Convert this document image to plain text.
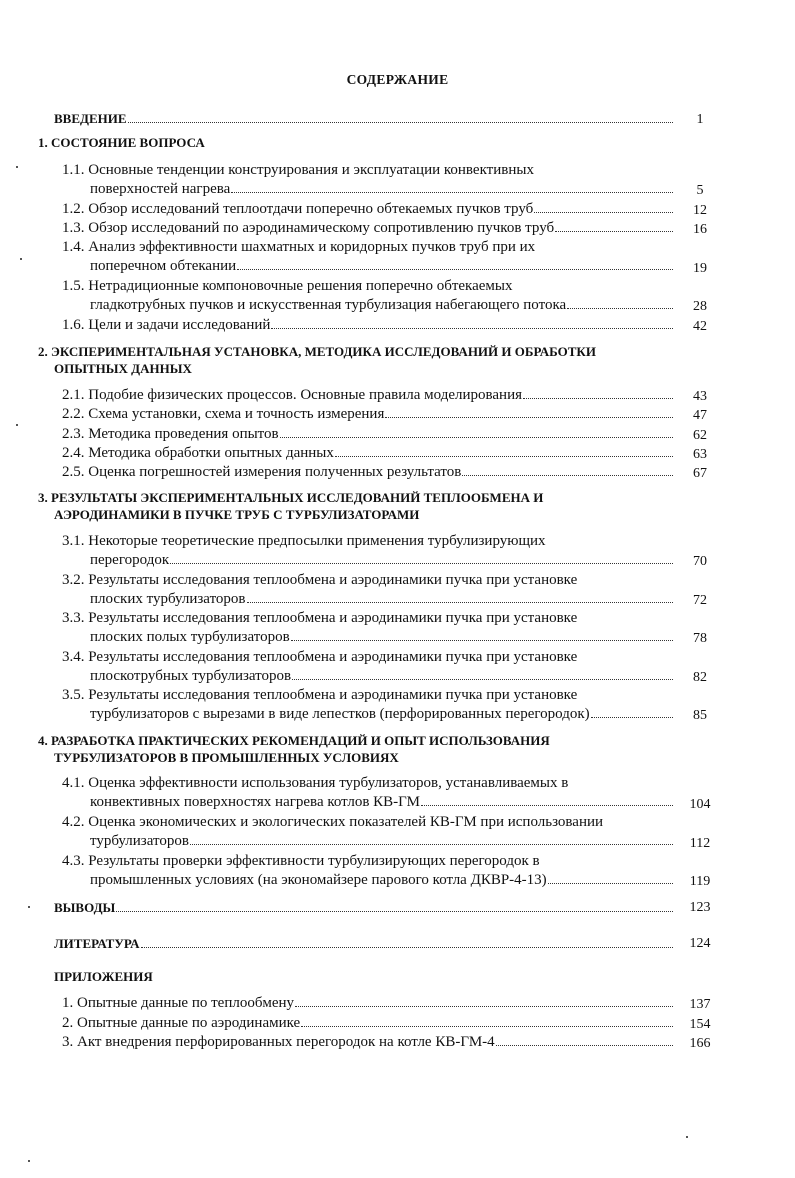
СОДЕРЖАНИЕ
ВВЕДЕНИЕ	1
1. СОСТОЯНИЕ ВОПРОСА
1.1. Основные тенденции конструирования и эксплуатации конвективных
поверхностей нагрева	5
1.2.
Обзор исследований теплоотдачи поперечно обтекаемых пучков труб	12
1.3.
Обзор исследований по аэродинамическому сопротивлению пучков труб	16
1.4. Анализ эффективности шахматных и коридорных пучков труб при их
поперечном обтекании	19
1.5. Нетрадиционные компоновочные решения поперечно обтекаемых
гладкотрубных пучков и искусственная турбулизация набегающего потока	28
1.6.
Цели и задачи исследований	42
2. ЭКСПЕРИМЕНТАЛЬНАЯ УСТАНОВКА, МЕТОДИКА ИССЛЕДОВАНИЙ И ОБРАБОТКИ
ОПЫТНЫХ ДАННЫХ
2.1.
Подобие физических процессов. Основные правила моделирования	43
2.2.
Схема установки, схема и точность измерения	47
2.3.
Методика проведения опытов	62
2.4.
Методика обработки опытных данных	63
2.5.
Оценка погрешностей измерения полученных результатов	67
3. РЕЗУЛЬТАТЫ ЭКСПЕРИМЕНТАЛЬНЫХ ИССЛЕДОВАНИЙ ТЕПЛООБМЕНА И
АЭРОДИНАМИКИ В ПУЧКЕ ТРУБ С ТУРБУЛИЗАТОРАМИ
3.1. Некоторые теоретические предпосылки применения турбулизирующих
перегородок	70
3.2. Результаты исследования теплообмена и аэродинамики пучка при установке
плоских турбулизаторов	72
3.3. Результаты исследования теплообмена и аэродинамики пучка при установке
плоских полых турбулизаторов	78
3.4. Результаты исследования теплообмена и аэродинамики пучка при установке
плоскотрубных турбулизаторов	82
3.5. Результаты исследования теплообмена и аэродинамики пучка при установке
турбулизаторов с вырезами в виде лепестков (перфорированных перегородок)	85
4. РАЗРАБОТКА ПРАКТИЧЕСКИХ РЕКОМЕНДАЦИЙ И ОПЫТ ИСПОЛЬЗОВАНИЯ
ТУРБУЛИЗАТОРОВ В ПРОМЫШЛЕННЫХ УСЛОВИЯХ
4.1. Оценка эффективности использования турбулизаторов, устанавливаемых в
конвективных поверхностях нагрева котлов КВ-ГМ	104
4.2. Оценка экономических и экологических показателей КВ-ГМ при использовании
турбулизаторов	112
4.3. Результаты проверки эффективности турбулизирующих перегородок в
промышленных условиях (на экономайзере парового котла ДКВР-4-13)	119
ВЫВОДЫ	123
ЛИТЕРАТУРА	124
ПРИЛОЖЕНИЯ
1.
Опытные данные по теплообмену	137
2.
Опытные данные по аэродинамике	154
3.
Акт внедрения перфорированных перегородок на котле КВ-ГМ-4	166
